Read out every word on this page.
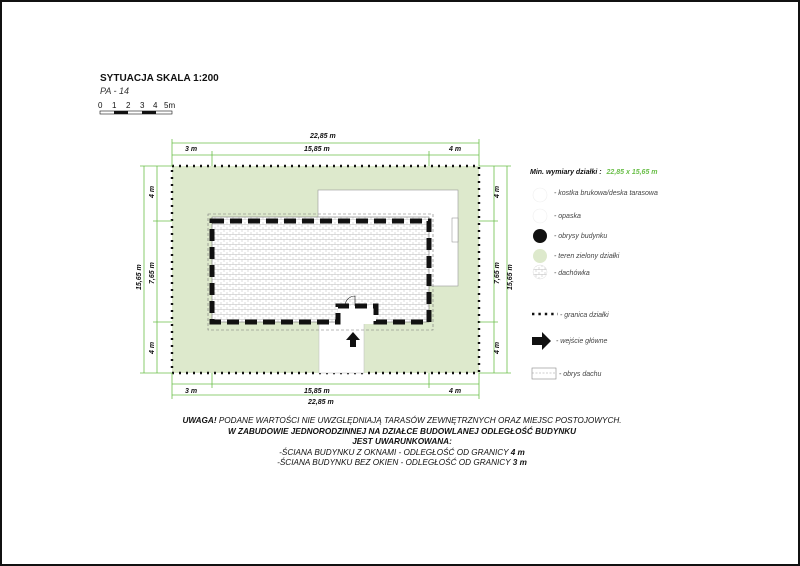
SYTUACJA SKALA 1:200
PA - 14
0 1 2 3 4 5m
22,85 m
3 m	15,85 m	4 m
3 m	15,85 m	4 m
22,85 m
15,65 m
4 m
7,65 m
4 m
4 m
7,65 m
4 m
15,65 m
Min. wymiary działki : 22,85 x 15,65 m
- kostka brukowa/deska tarasowa
- opaska
- obrysy budynku
- teren zielony działki
- dachówka
- granica działki
- wejście główne
- obrys dachu
UWAGA! PODANE WARTOŚCI NIE UWZGLĘDNIAJĄ TARASÓW ZEWNĘTRZNYCH ORAZ MIEJSC POSTOJOWYCH.
W ZABUDOWIE JEDNORODZINNEJ NA DZIAŁCE BUDOWLANEJ ODLEGŁOŚĆ BUDYNKU
JEST UWARUNKOWANA:
-ŚCIANA BUDYNKU Z OKNAMI - ODLEGŁOŚĆ OD GRANICY 4 m
-ŚCIANA BUDYNKU BEZ OKIEN - ODLEGŁOŚĆ OD GRANICY 3 m
